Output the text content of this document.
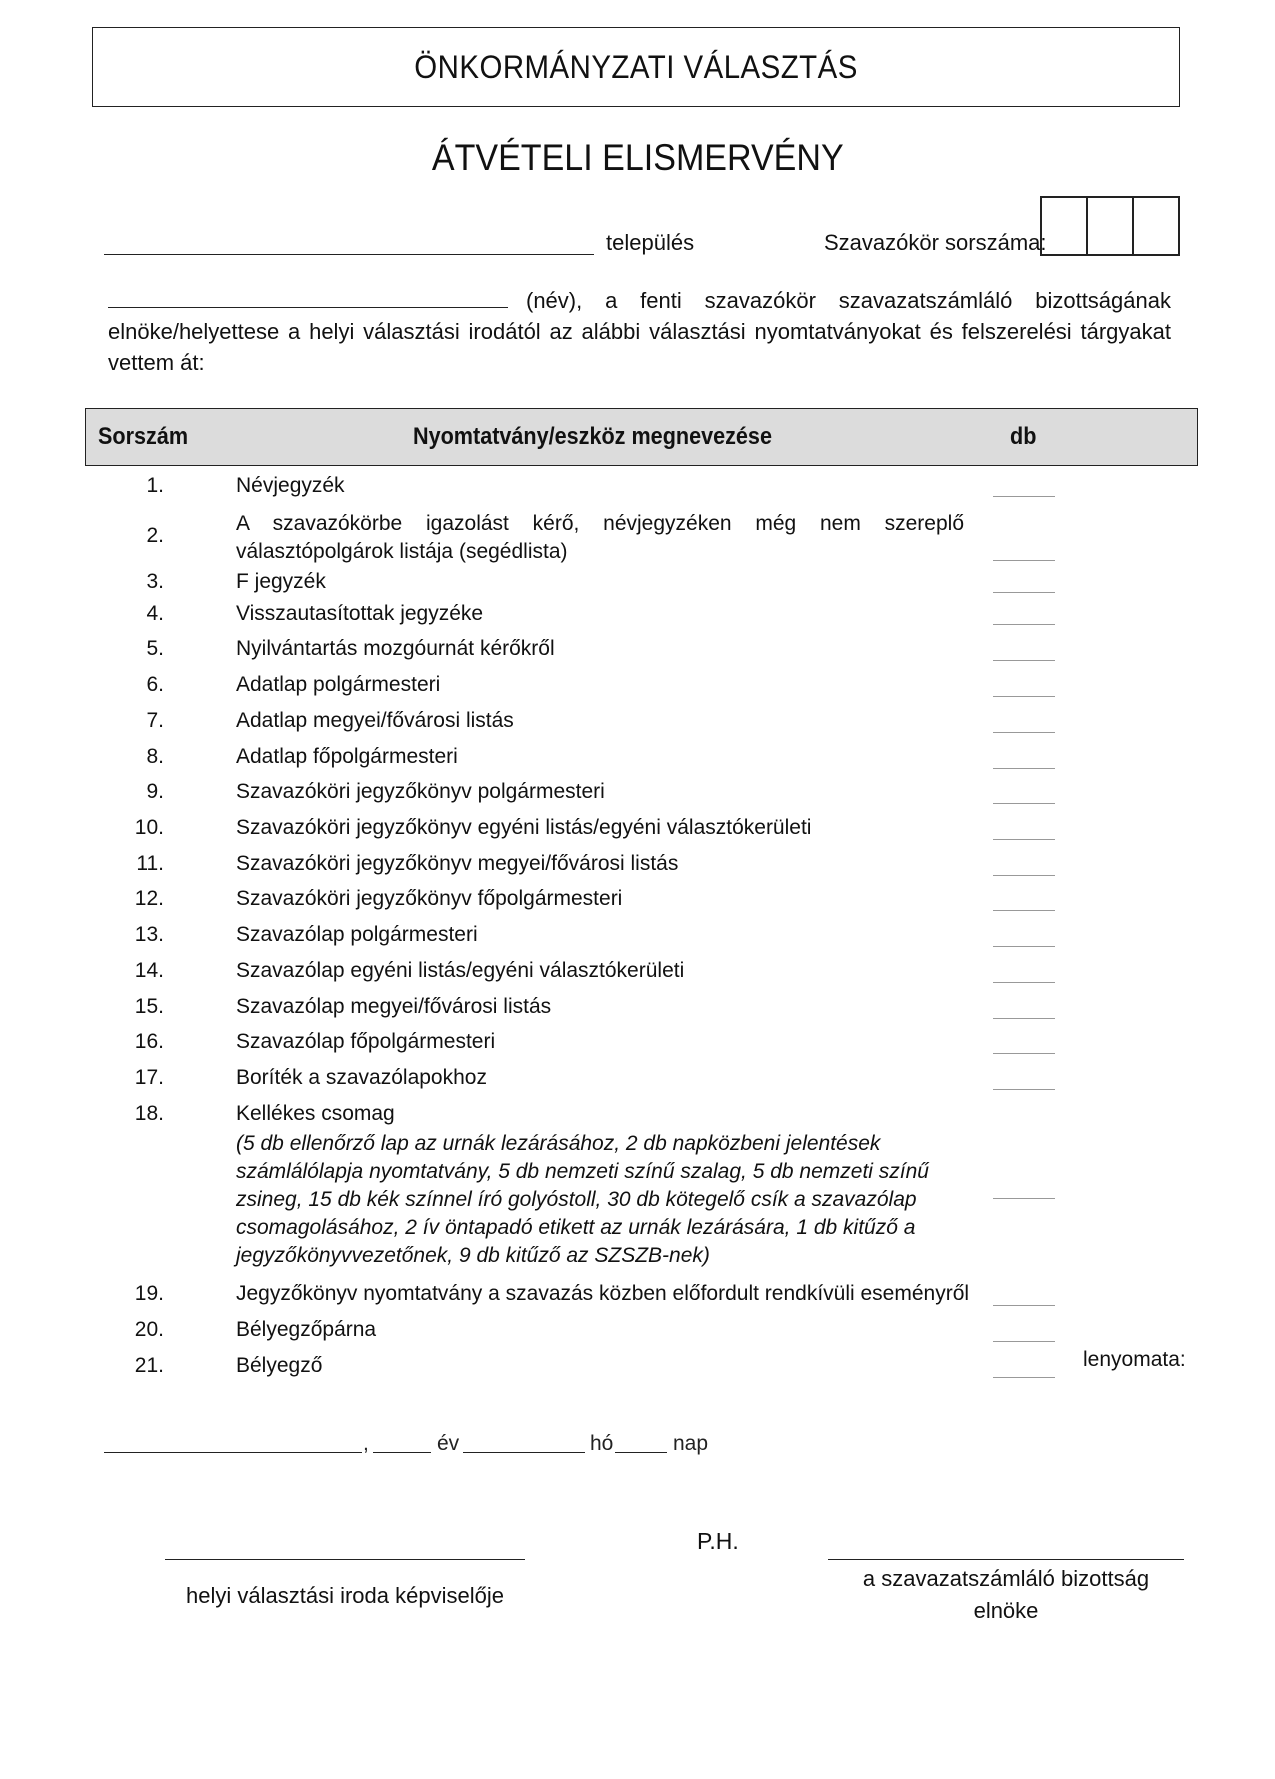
ÖNKORMÁNYZATI VÁLASZTÁS
ÁTVÉTELI ELISMERVÉNY
település	Szavazókör sorszáma:
(név), a fenti szavazókör szavazatszámláló bizottságának
elnöke/helyettese a helyi választási irodától az alábbi választási nyomtatványokat és felszerelési tárgyakat
vettem át:
Sorszám	Nyomtatvány/eszköz megnevezése	db
1.	Névjegyzék
2.
A szavazókörbe igazolást kérő, névjegyzéken még nem szereplő
választópolgárok listája (segédlista)
3.	F jegyzék
4.	Visszautasítottak jegyzéke
5.	Nyilvántartás mozgóurnát kérőkről
6.	Adatlap polgármesteri
7.	Adatlap megyei/fővárosi listás
8.	Adatlap főpolgármesteri
9.	Szavazóköri jegyzőkönyv polgármesteri
10.	Szavazóköri jegyzőkönyv egyéni listás/egyéni választókerületi
11.	Szavazóköri jegyzőkönyv megyei/fővárosi listás
12.	Szavazóköri jegyzőkönyv főpolgármesteri
13.	Szavazólap polgármesteri
14.	Szavazólap egyéni listás/egyéni választókerületi
15.	Szavazólap megyei/fővárosi listás
16.	Szavazólap főpolgármesteri
17.	Boríték a szavazólapokhoz
18.	Kellékes csomag
(5 db ellenőrző lap az urnák lezárásához, 2 db napközbeni jelentések
számlálólapja nyomtatvány, 5 db nemzeti színű szalag, 5 db nemzeti színű
zsineg, 15 db kék színnel író golyóstoll, 30 db kötegelő csík a szavazólap
csomagolásához, 2 ív öntapadó etikett az urnák lezárására, 1 db kitűző a
jegyzőkönyvvezetőnek, 9 db kitűző az SZSZB-nek)
19.	Jegyzőkönyv nyomtatvány a szavazás közben előfordult rendkívüli eseményről
20.	Bélyegzőpárna
21.	Bélyegző	lenyomata:
,	év	hó	nap
P.H.
helyi választási iroda képviselője
a szavazatszámláló bizottság
elnöke
